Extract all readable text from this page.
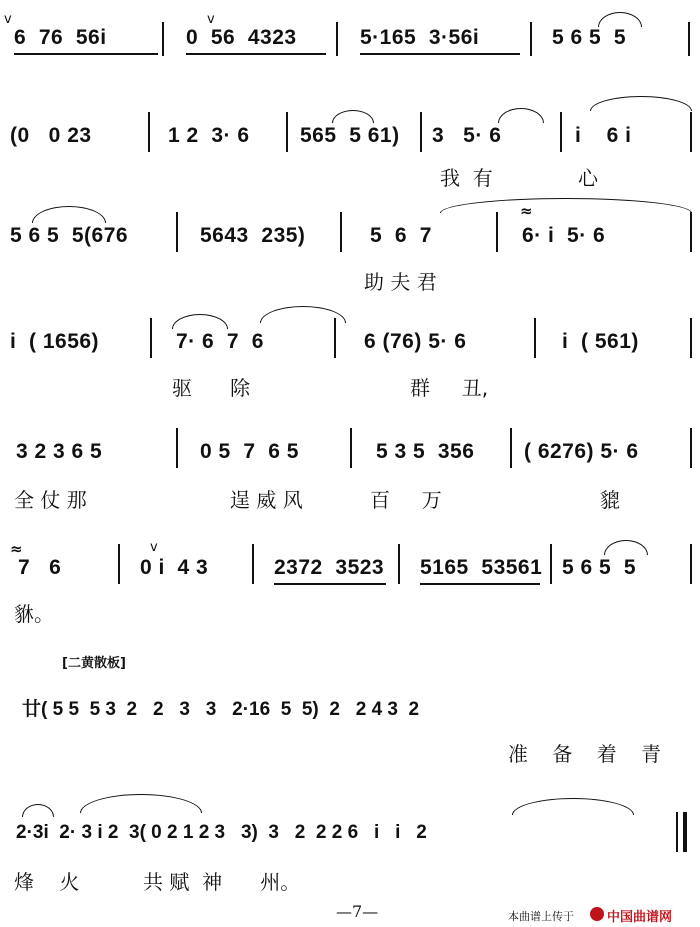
v
6  76  56i	0  56  4323
v
5·165  3·56i	5 6 5  5
(0   0 23	1 2  3· 6 565  5 61) 3   5· 6	i    6 i
我  有	心
5 6 5  5(676	5643  235)	5  6  7
≈
6· i  5· 6
助 夫 君
i  ( 1656)	7· 6  7  6	6 (76) 5· 6	i  ( 561)
驱      除	群     丑,
3 2 3 6 5	0 5  7  6 5	5 3 5  356 ( 6276) 5· 6
全 仗 那	逞 威 风	百     万	貔
≈
7   6
v
0 i  4 3	2372  3523 5165  53561 5 6 5  5
貅。
[二黄散板]
廿( 5 5  5 3  2   2   3   3   2·16  5  5)  2   2 4 3  2
准 备 着 青
2·3i  2· 3 i 2  3( 0 2 1 2 3   3)  3   2  2 2 6   i   i   2
烽    火          共 赋  神      州。
—7—	本曲谱上传于	中国曲谱网
